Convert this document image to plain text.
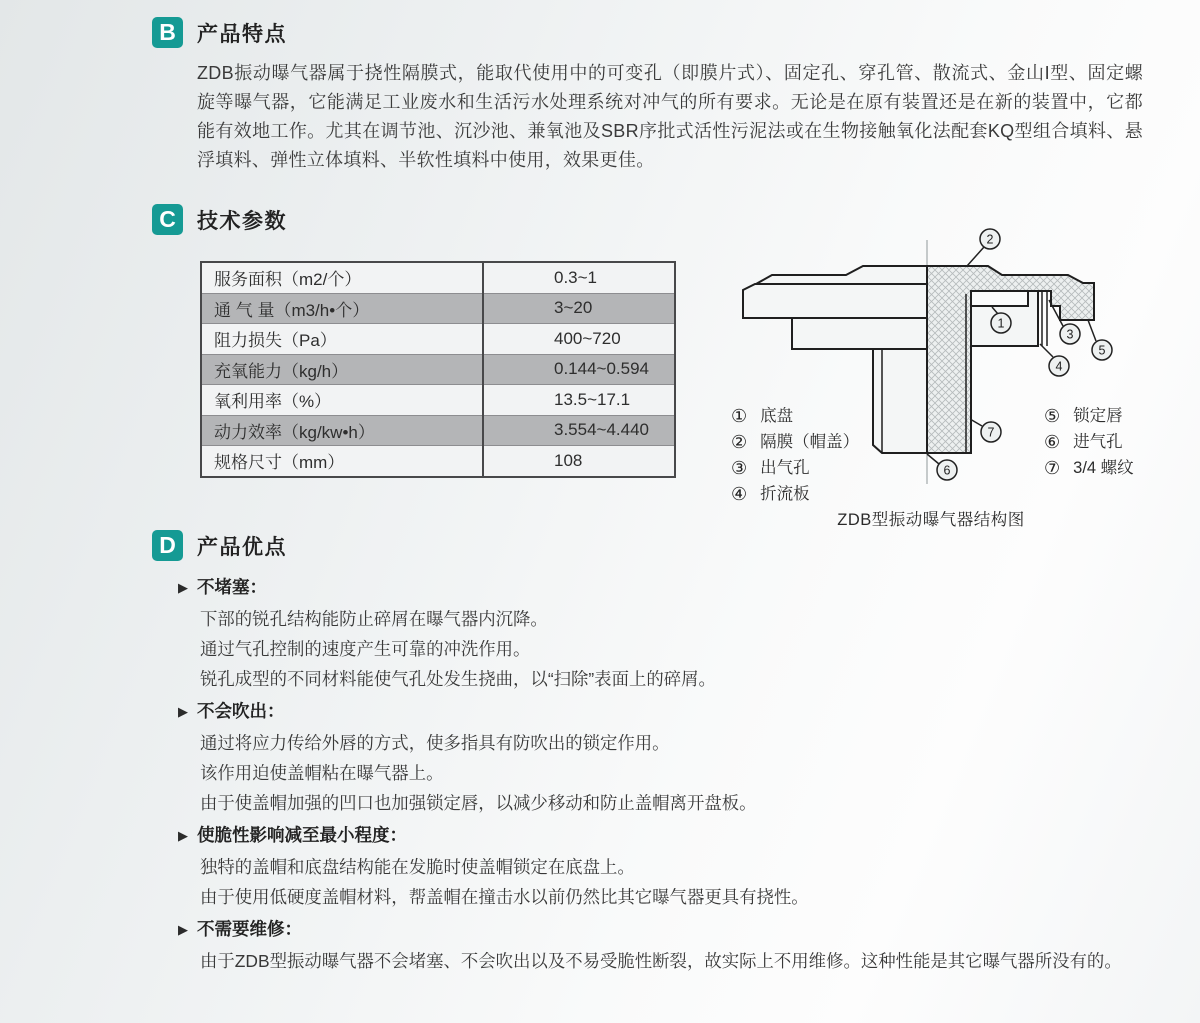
B	产品特点

ZDB振动曝气器属于挠性隔膜式，能取代使用中的可变孔（即膜片式）、固定孔、穿孔管、散流式、金山I型、固定螺旋等曝气器，它能满足工业废水和生活污水处理系统对冲气的所有要求。无论是在原有装置还是在新的装置中，它都能有效地工作。尤其在调节池、沉沙池、兼氧池及SBR序批式活性污泥法或在生物接触氧化法配套KQ型组合填料、悬浮填料、弹性立体填料、半软性填料中使用，效果更佳。

C	技术参数
服务面积（m2/个）	0.3~1
通 气 量（m3/h•个）	3~20
阻力损失（Pa）	400~720
充氧能力（kg/h）	0.144~0.594
氧利用率（%）	13.5~17.1
动力效率（kg/kw•h）	3.554~4.440
规格尺寸（mm）	108
2
1
3
4
5
7
6
① 底盘
② 隔膜（帽盖）
③ 出气孔
④ 折流板
⑤ 锁定唇
⑥ 进气孔
⑦ 3/4 螺纹
ZDB型振动曝气器结构图
D	产品优点
▶ 不堵塞：
下部的锐孔结构能防止碎屑在曝气器内沉降。
通过气孔控制的速度产生可靠的冲洗作用。
锐孔成型的不同材料能使气孔处发生挠曲，以“扫除”表面上的碎屑。
▶ 不会吹出：
通过将应力传给外唇的方式，使多指具有防吹出的锁定作用。
该作用迫使盖帽粘在曝气器上。
由于使盖帽加强的凹口也加强锁定唇，以减少移动和防止盖帽离开盘板。
▶ 使脆性影响减至最小程度：
独特的盖帽和底盘结构能在发脆时使盖帽锁定在底盘上。
由于使用低硬度盖帽材料，帮盖帽在撞击水以前仍然比其它曝气器更具有挠性。
▶ 不需要维修：
由于ZDB型振动曝气器不会堵塞、不会吹出以及不易受脆性断裂，故实际上不用维修。这种性能是其它曝气器所没有的。
